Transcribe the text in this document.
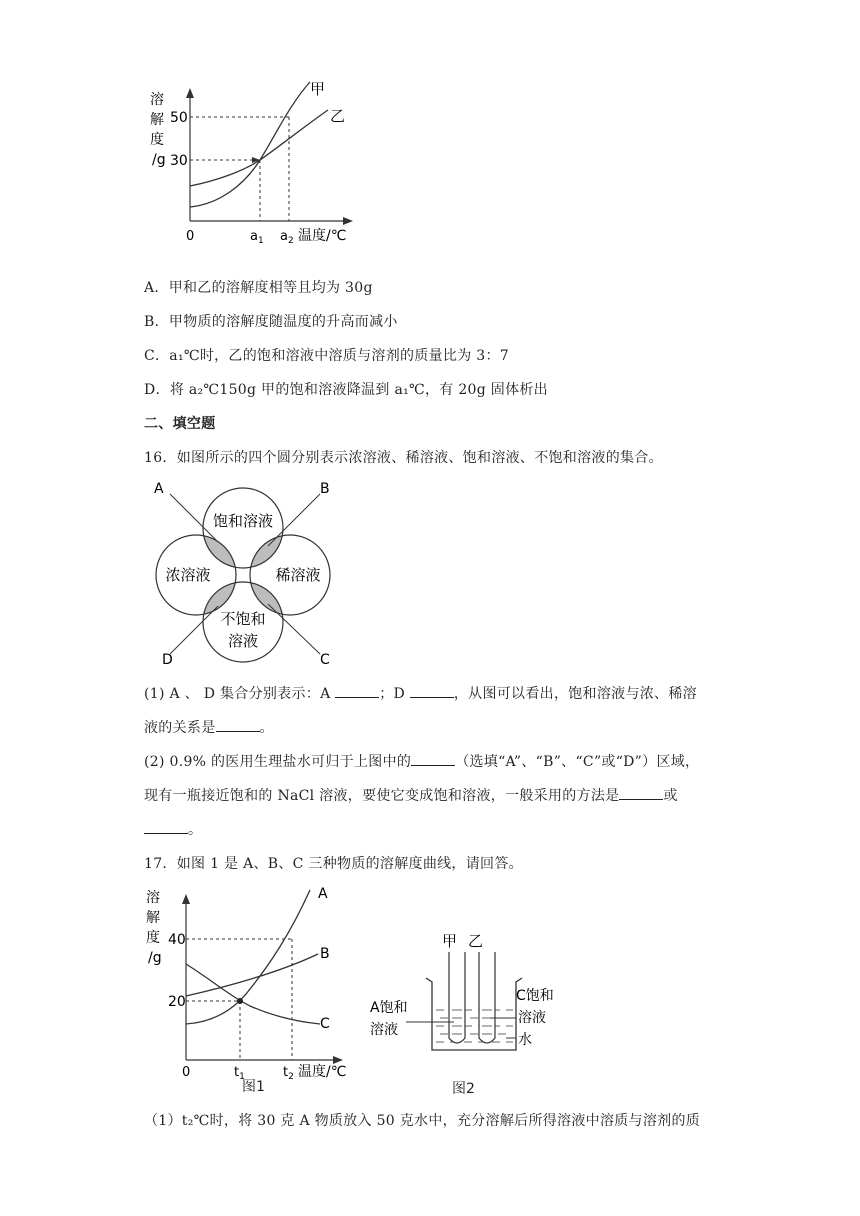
溶
解
度
/g
50
30
0	$a_1$ $a_2$ 温度/℃
甲
乙
A．甲和乙的溶解度相等且均为 30g
B．甲物质的溶解度随温度的升高而减小
C．a₁℃时，乙的饱和溶液中溶质与溶剂的质量比为 3：7
D．将 a₂℃150g 甲的饱和溶液降温到 a₁℃，有 20g 固体析出
二、填空题
16．如图所示的四个圆分别表示浓溶液、稀溶液、饱和溶液、不饱和溶液的集合。
A	B
C
D
饱和溶液
浓溶液	稀溶液
不饱和
溶液
(1) A 、 D 集合分别表示：A	；D	，从图可以看出，饱和溶液与浓、稀溶
液的关系是	。
(2) 0.9% 的医用生理盐水可归于上图中的	（选填“A”、“B”、“C”或“D”）区域，
现有一瓶接近饱和的 NaCl 溶液，要使它变成饱和溶液，一般采用的方法是	或
。
17．如图 1 是 A、B、C 三种物质的溶解度曲线，请回答。
溶
解
度
/g
40
20
0	$t_1$	$t_2$ 温度/℃
A
B
C
图1
甲 乙
A饱和
溶液
C饱和
溶液
水
图2
（1）t₂℃时，将 30 克 A 物质放入 50 克水中，充分溶解后所得溶液中溶质与溶剂的质
